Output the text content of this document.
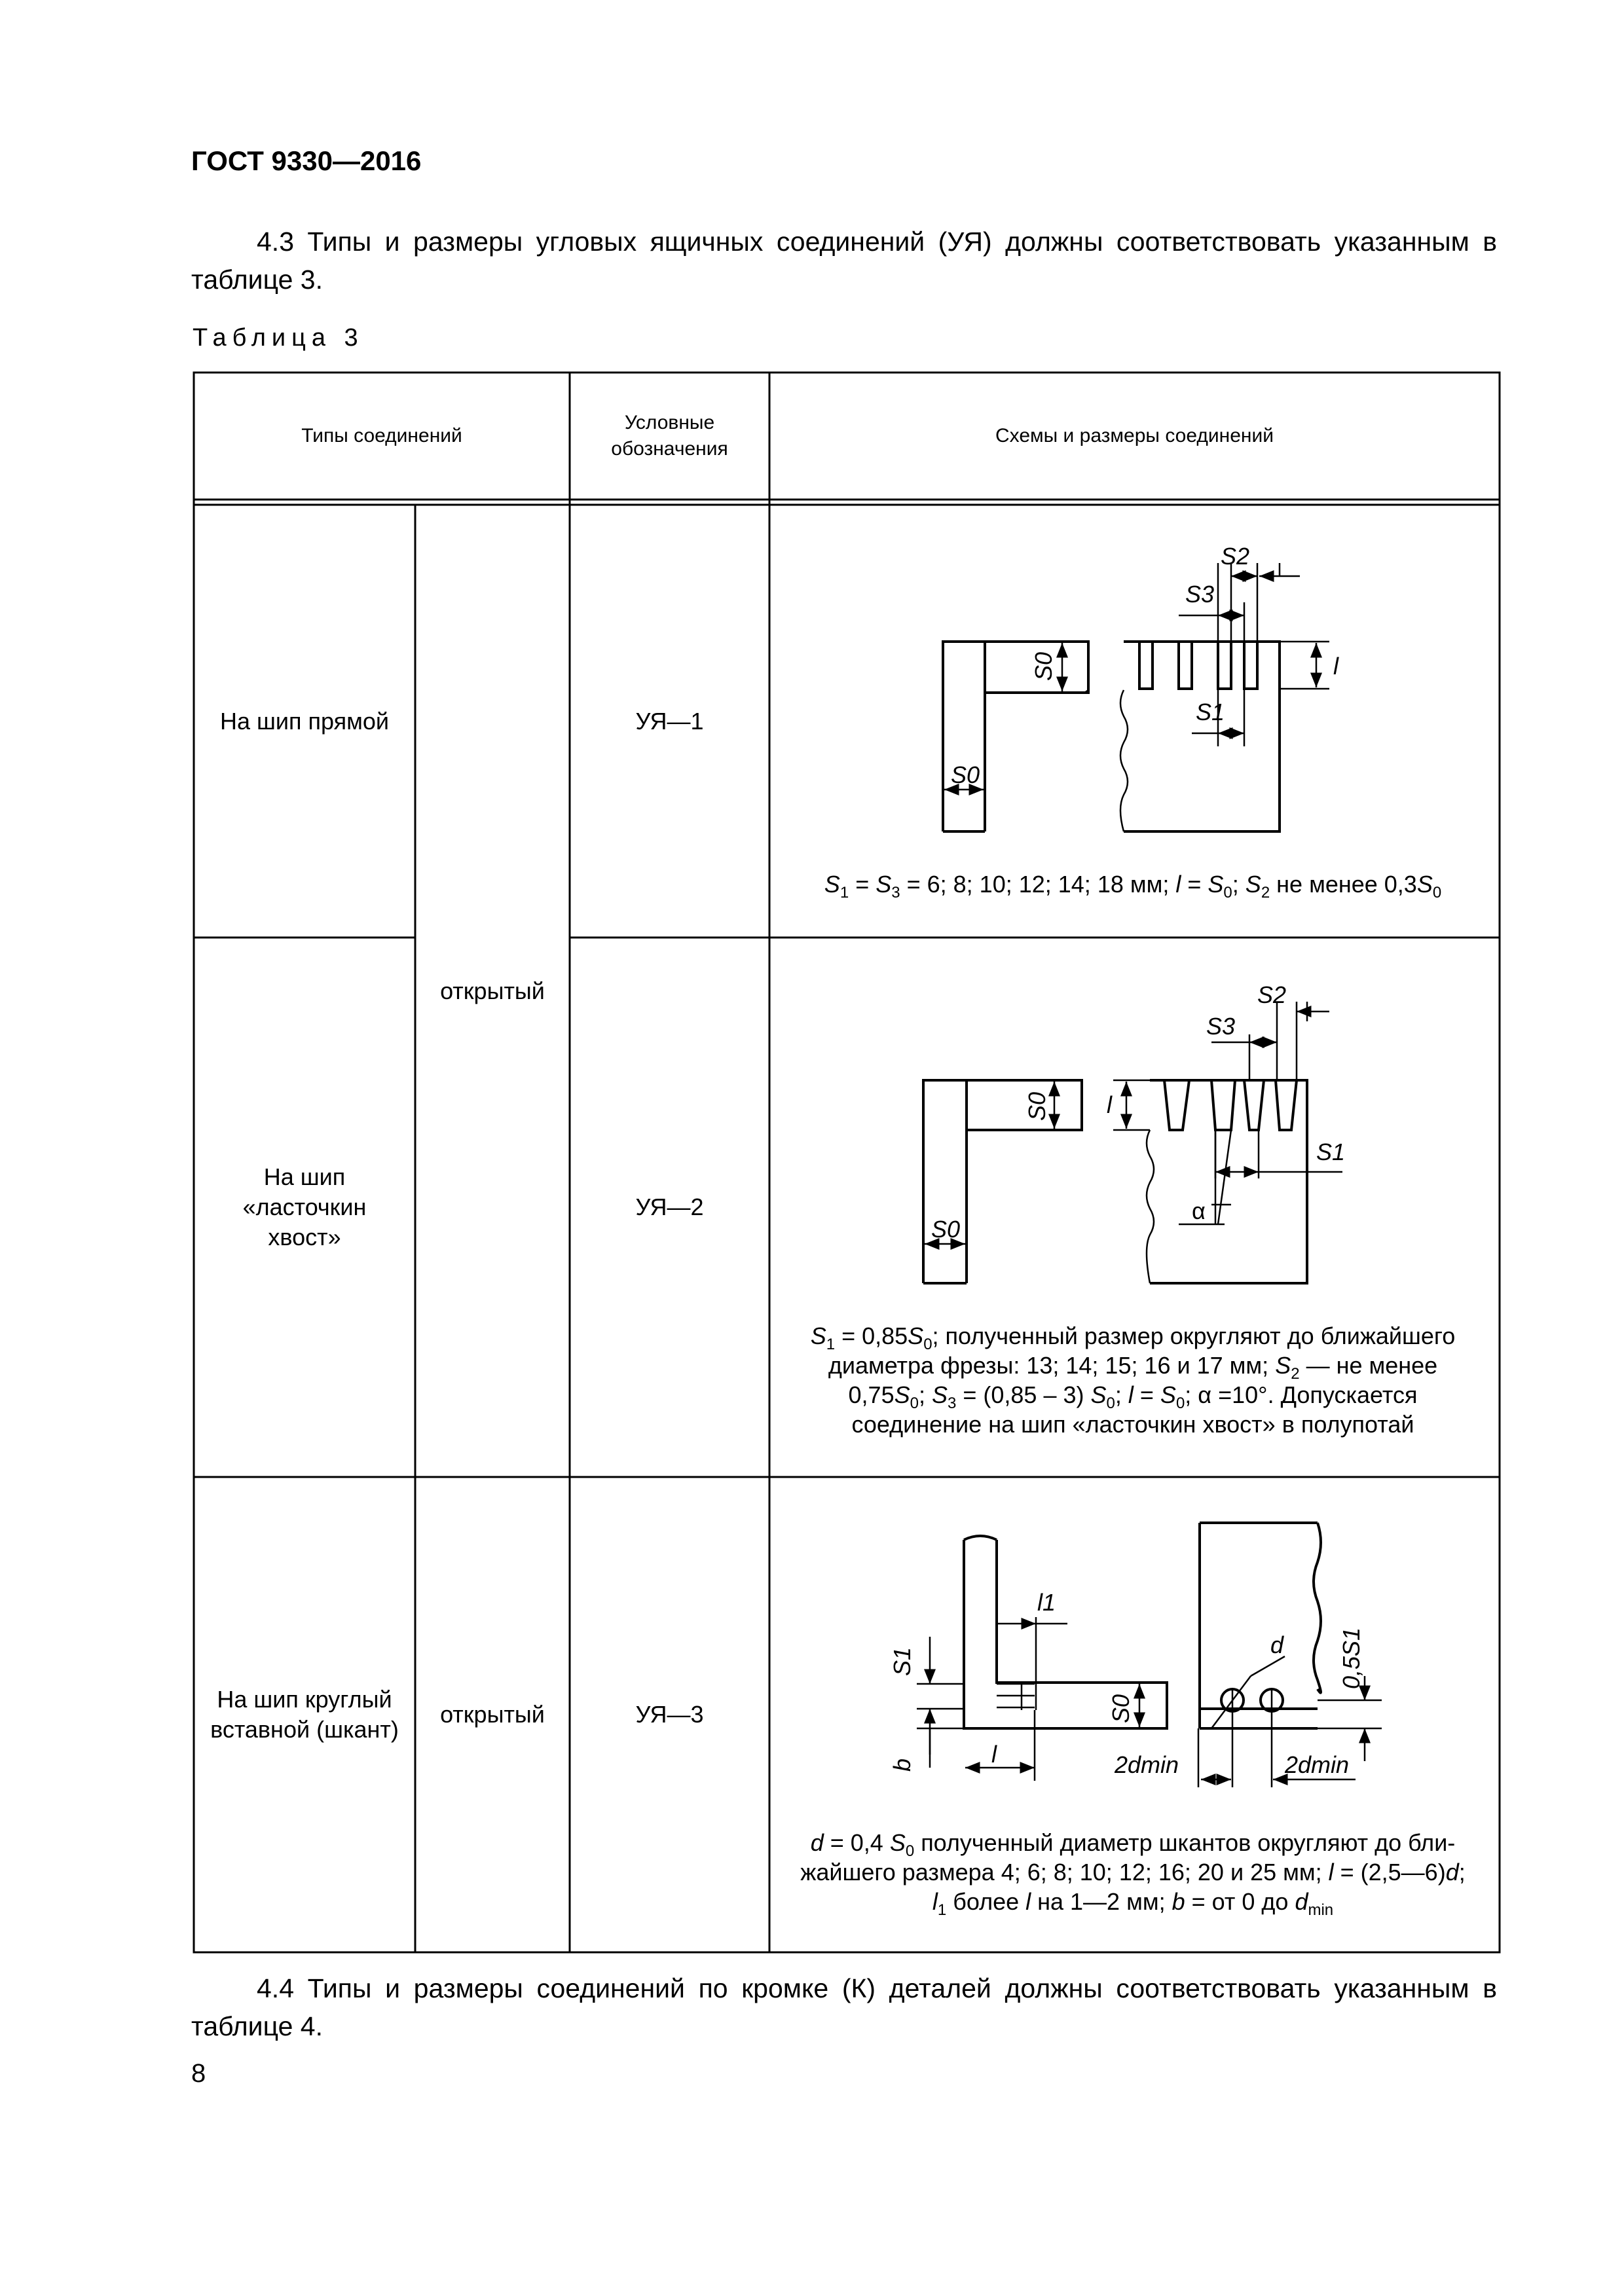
ГОСТ 9330—2016
4.3 Типы и размеры угловых ящичных соединений (УЯ) должны соответствовать указанным в таблице 3.
Таблица 3
Типы соединений
Условные обозначения
Схемы и размеры соединений
На шип прямой
открытый
УЯ—1
На шип «ласточкин хвост»
УЯ—2
На шип круглый вставной (шкант)
открытый	УЯ—3
S2
S3
S1
l
S0
S0
S2
S3
S1
l
S0
S0
α
l1
l
S1
b
S0
d
2dmin	2dmin
0,5S1
$S_1 = S_3 = 6$; 8; 10; 12; 14; 18 мм; $l = S_0$; $S_2$ не менее $0,3S_0$
$S_1 = 0,85S_0$; полученный размер округляют до ближайшего
диаметра фрезы: 13; 14; 15; 16 и 17 мм; $S_2$ — не менее
$0,75S_0$; $S_3 = (0,85 - 3)$ $S_0$; $l = S_0$; α =10°. Допускается
соединение на шип «ласточкин хвост» в полупотай
d = 0,4 $S_0$ полученный диаметр шкантов округляют до бли-
жайшего размера 4; 6; 8; 10; 12; 16; 20 и 25 мм; l = (2,5—6)d;
$l_1$ более l на 1—2 мм; b = от 0 до $d_{min}$
4.4 Типы и размеры соединений по кромке (К) деталей должны соответствовать указанным в таблице 4.
8
